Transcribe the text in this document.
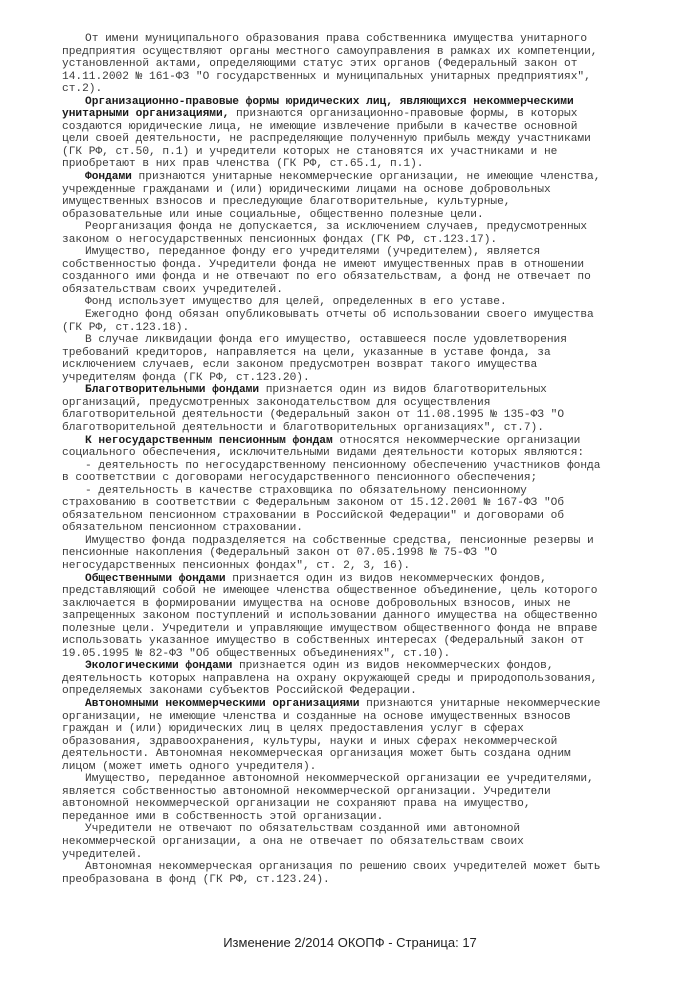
От имени муниципального образования права собственника имущества унитарного
предприятия осуществляют органы местного самоуправления в рамках их компетенции,
установленной актами, определяющими статус этих органов (Федеральный закон от
14.11.2002 № 161-ФЗ "О государственных и муниципальных унитарных предприятиях",
ст.2).
Организационно-правовые формы юридических лиц, являющихся некоммерческими
унитарными организациями, признаются организационно-правовые формы, в которых
создаются юридические лица, не имеющие извлечение прибыли в качестве основной
цели своей деятельности, не распределяющие полученную прибыль между участниками
(ГК РФ, ст.50, п.1) и учредители которых не становятся их участниками и не
приобретают в них прав членства (ГК РФ, ст.65.1, п.1).
Фондами признаются унитарные некоммерческие организации, не имеющие членства,
учрежденные гражданами и (или) юридическими лицами на основе добровольных
имущественных взносов и преследующие благотворительные, культурные,
образовательные или иные социальные, общественно полезные цели.
Реорганизация фонда не допускается, за исключением случаев, предусмотренных
законом о негосударственных пенсионных фондах (ГК РФ, ст.123.17).
Имущество, переданное фонду его учредителями (учредителем), является
собственностью фонда. Учредители фонда не имеют имущественных прав в отношении
созданного ими фонда и не отвечают по его обязательствам, а фонд не отвечает по
обязательствам своих учредителей.
Фонд использует имущество для целей, определенных в его уставе.
Ежегодно фонд обязан опубликовывать отчеты об использовании своего имущества
(ГК РФ, ст.123.18).
В случае ликвидации фонда его имущество, оставшееся после удовлетворения
требований кредиторов, направляется на цели, указанные в уставе фонда, за
исключением случаев, если законом предусмотрен возврат такого имущества
учредителям фонда (ГК РФ, ст.123.20).
Благотворительными фондами признается один из видов благотворительных
организаций, предусмотренных законодательством для осуществления
благотворительной деятельности (Федеральный закон от 11.08.1995 № 135-ФЗ "О
благотворительной деятельности и благотворительных организациях", ст.7).
К негосударственным пенсионным фондам относятся некоммерческие организации
социального обеспечения, исключительными видами деятельности которых являются:
- деятельность по негосударственному пенсионному обеспечению участников фонда
в соответствии с договорами негосударственного пенсионного обеспечения;
- деятельность в качестве страховщика по обязательному пенсионному
страхованию в соответствии с Федеральным законом от 15.12.2001 № 167-ФЗ "Об
обязательном пенсионном страховании в Российской Федерации" и договорами об
обязательном пенсионном страховании.
Имущество фонда подразделяется на собственные средства, пенсионные резервы и
пенсионные накопления (Федеральный закон от 07.05.1998 № 75-ФЗ "О
негосударственных пенсионных фондах", ст. 2, 3, 16).
Общественными фондами признается один из видов некоммерческих фондов,
представляющий собой не имеющее членства общественное объединение, цель которого
заключается в формировании имущества на основе добровольных взносов, иных не
запрещенных законом поступлений и использовании данного имущества на общественно
полезные цели. Учредители и управляющие имуществом общественного фонда не вправе
использовать указанное имущество в собственных интересах (Федеральный закон от
19.05.1995 № 82-ФЗ "Об общественных объединениях", ст.10).
Экологическими фондами признается один из видов некоммерческих фондов,
деятельность которых направлена на охрану окружающей среды и природопользования,
определяемых законами субъектов Российской Федерации.
Автономными некоммерческими организациями признаются унитарные некоммерческие
организации, не имеющие членства и созданные на основе имущественных взносов
граждан и (или) юридических лиц в целях предоставления услуг в сферах
образования, здравоохранения, культуры, науки и иных сферах некоммерческой
деятельности. Автономная некоммерческая организация может быть создана одним
лицом (может иметь одного учредителя).
Имущество, переданное автономной некоммерческой организации ее учредителями,
является собственностью автономной некоммерческой организации. Учредители
автономной некоммерческой организации не сохраняют права на имущество,
переданное ими в собственность этой организации.
Учредители не отвечают по обязательствам созданной ими автономной
некоммерческой организации, а она не отвечает по обязательствам своих
учредителей.
Автономная некоммерческая организация по решению своих учредителей может быть
преобразована в фонд (ГК РФ, ст.123.24).
Изменение 2/2014 ОКОПФ - Страница: 17
